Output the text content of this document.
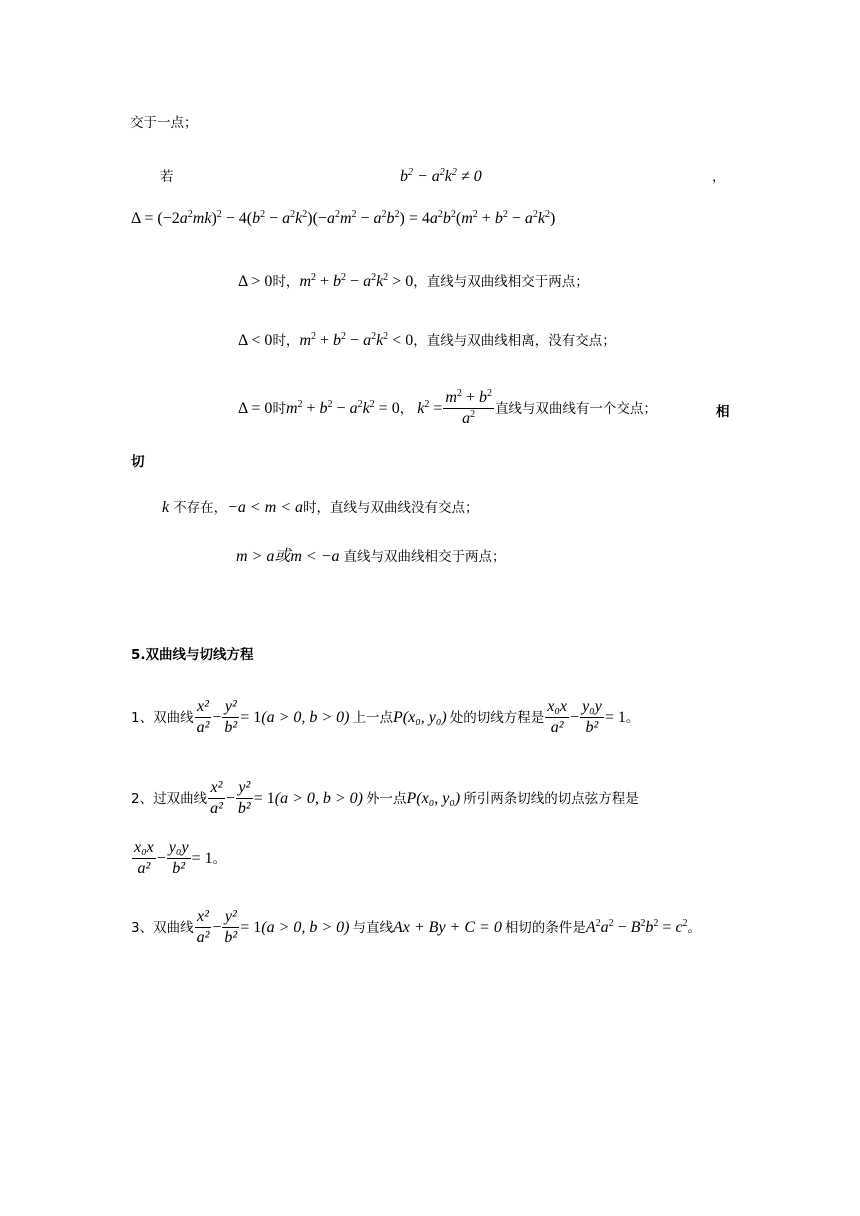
交于一点；
若	$b^2 - a^2k^2 \ne 0$	，
$\Delta = (-2a^2mk)^2 - 4(b^2 - a^2k^2)(-a^2m^2 - a^2b^2) = 4a^2b^2(m^2 + b^2 - a^2k^2)$
Δ > 0 时， $m^2 + b^2 - a^2k^2 > 0$ ，直线与双曲线相交于两点；
Δ < 0 时， $m^2 + b^2 - a^2k^2 < 0$ ，直线与双曲线相离，没有交点；
Δ = 0 时 $m^2 + b^2 - a^2k^2 = 0$ ， $k^2 = \frac{m^2 + b^2}{a^2}$ 直线与双曲线有一个交点；	相
切
k 不存在， −a < m < a 时，直线与双曲线没有交点；
m > a或m < −a 直线与双曲线相交于两点；
5.双曲线与切线方程
1、双曲线 $\frac{\text{x²}}{\text{a²}} - \frac{\text{y²}}{\text{b²}} = 1$ (a > 0, b > 0) 上一点 P(x₀, y₀) 处的切线方程是 $\frac{\text{x₀x}}{\text{a²}} - \frac{\text{y₀y}}{\text{b²}} = 1$ 。
2、过双曲线 $\frac{\text{x²}}{\text{a²}} - \frac{\text{y²}}{\text{b²}} = 1$ (a > 0, b > 0) 外一点 P(x₀, y₀) 所引两条切线的切点弦方程是
$\frac{\text{x₀x}}{\text{a²}} - \frac{\text{y₀y}}{\text{b²}} = 1$ 。
3、双曲线 $\frac{\text{x²}}{\text{a²}} - \frac{\text{y²}}{\text{b²}} = 1$ (a > 0, b > 0) 与直线 Ax + By + C = 0 相切的条件是 $A^2a^2 - B^2b^2 = c^2$ 。
